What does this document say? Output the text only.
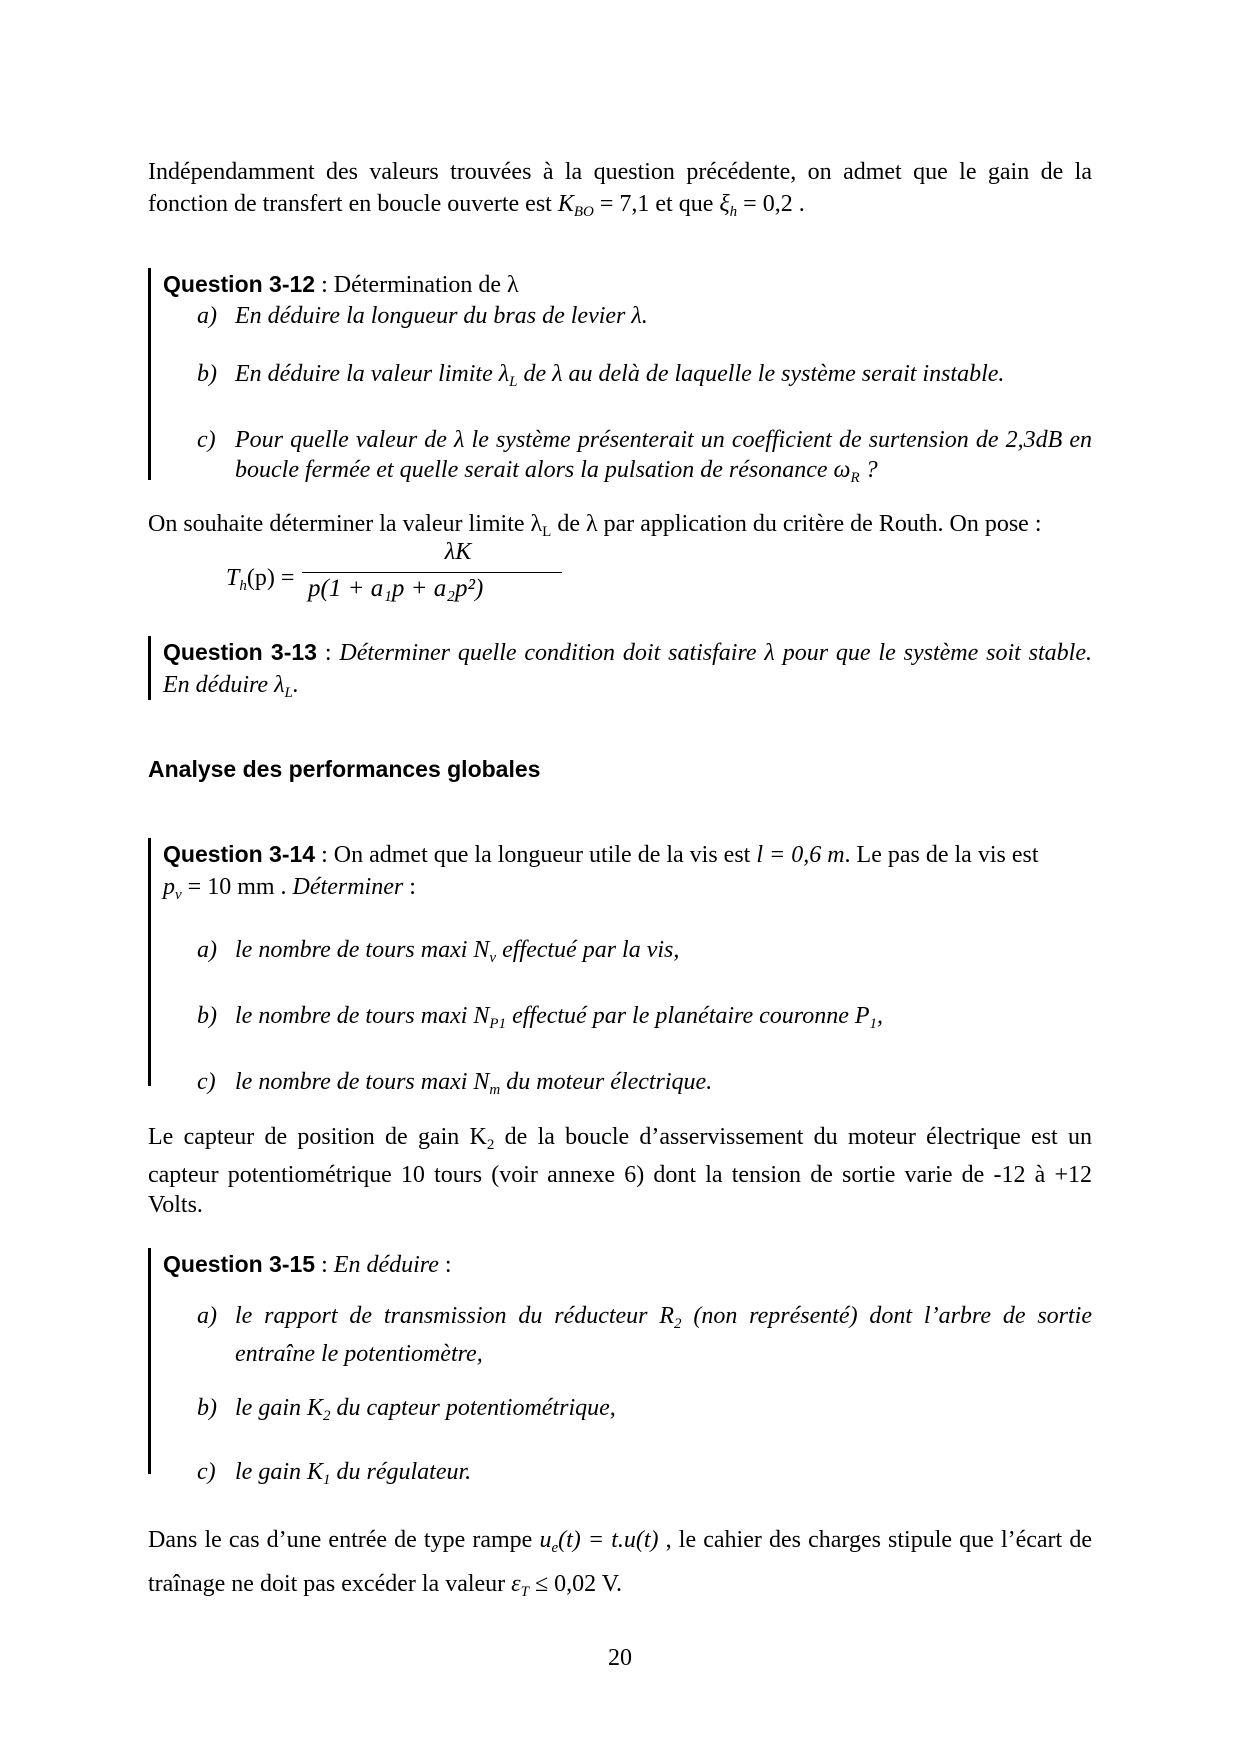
Indépendamment des valeurs trouvées à la question précédente, on admet que le gain de la fonction de transfert en boucle ouverte est $K_{BO} = 7,1$ et que $\xi_h = 0,2$ .
Question 3-12 : Détermination de λ
a) En déduire la longueur du bras de levier λ.
b) En déduire la valeur limite $\lambda_L$ de λ au delà de laquelle le système serait instable.
c) Pour quelle valeur de λ le système présenterait un coefficient de surtension de 2,3dB en boucle fermée et quelle serait alors la pulsation de résonance $\omega_R$ ?
On souhaite déterminer la valeur limite $\lambda_L$ de λ par application du critère de Routh. On pose :
$T_h(p)$ =
λK
p(1 + a₁p + a₂p²)
Question 3-13 : Déterminer quelle condition doit satisfaire λ pour que le système soit stable. En déduire $\lambda_L$.
Analyse des performances globales
Question 3-14 : On admet que la longueur utile de la vis est l = 0,6 m. Le pas de la vis est
$p_v = 10$ mm . Déterminer :
a) le nombre de tours maxi $N_v$ effectué par la vis,
b) le nombre de tours maxi $N_{P1}$ effectué par le planétaire couronne $P_1$,
c) le nombre de tours maxi $N_m$ du moteur électrique.
Le capteur de position de gain $K_2$ de la boucle d’asservissement du moteur électrique est un capteur potentiométrique 10 tours (voir annexe 6) dont la tension de sortie varie de -12 à +12 Volts.
Question 3-15 : En déduire :
a) le rapport de transmission du réducteur $R_2$ (non représenté) dont l’arbre de sortie entraîne le potentiomètre,
b) le gain $K_2$ du capteur potentiométrique,
c) le gain $K_1$ du régulateur.
Dans le cas d’une entrée de type rampe $u_e(t) = t.u(t)$ , le cahier des charges stipule que l’écart de traînage ne doit pas excéder la valeur $\varepsilon_T \le 0,02$ V.
20
